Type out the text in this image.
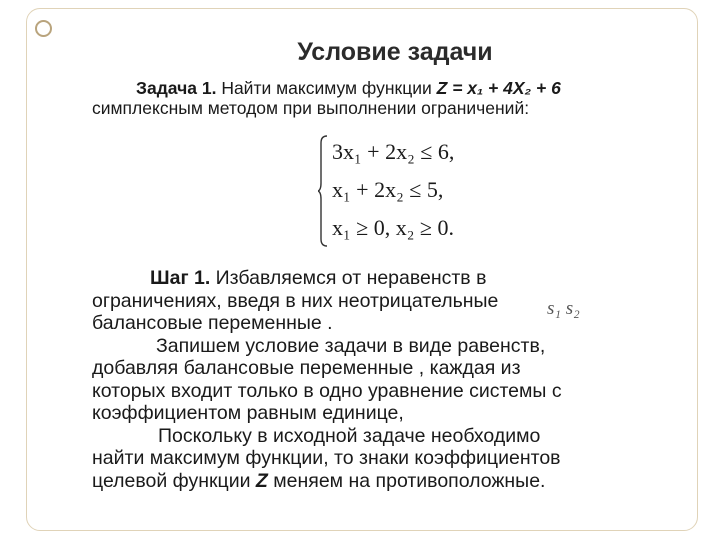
Условие задачи
Задача 1. Найти максимум функции Z = x₁ + 4X₂ + 6
симплексным методом при выполнении ограничений:
3x₁ + 2x₂ ≤ 6,
x₁ + 2x₂ ≤ 5,
x₁ ≥ 0, x₂ ≥ 0.
Шаг 1. Избавляемся от неравенств в
ограничениях, введя в них неотрицательные
балансовые переменные .
Запишем условие задачи в виде равенств,
добавляя балансовые переменные , каждая из
которых входит только в одно уравнение системы с
коэффициентом равным единице,
Поскольку в исходной задаче необходимо
найти максимум функции, то знаки коэффициентов
целевой функции Z меняем на противоположные.
s₁ s₂
